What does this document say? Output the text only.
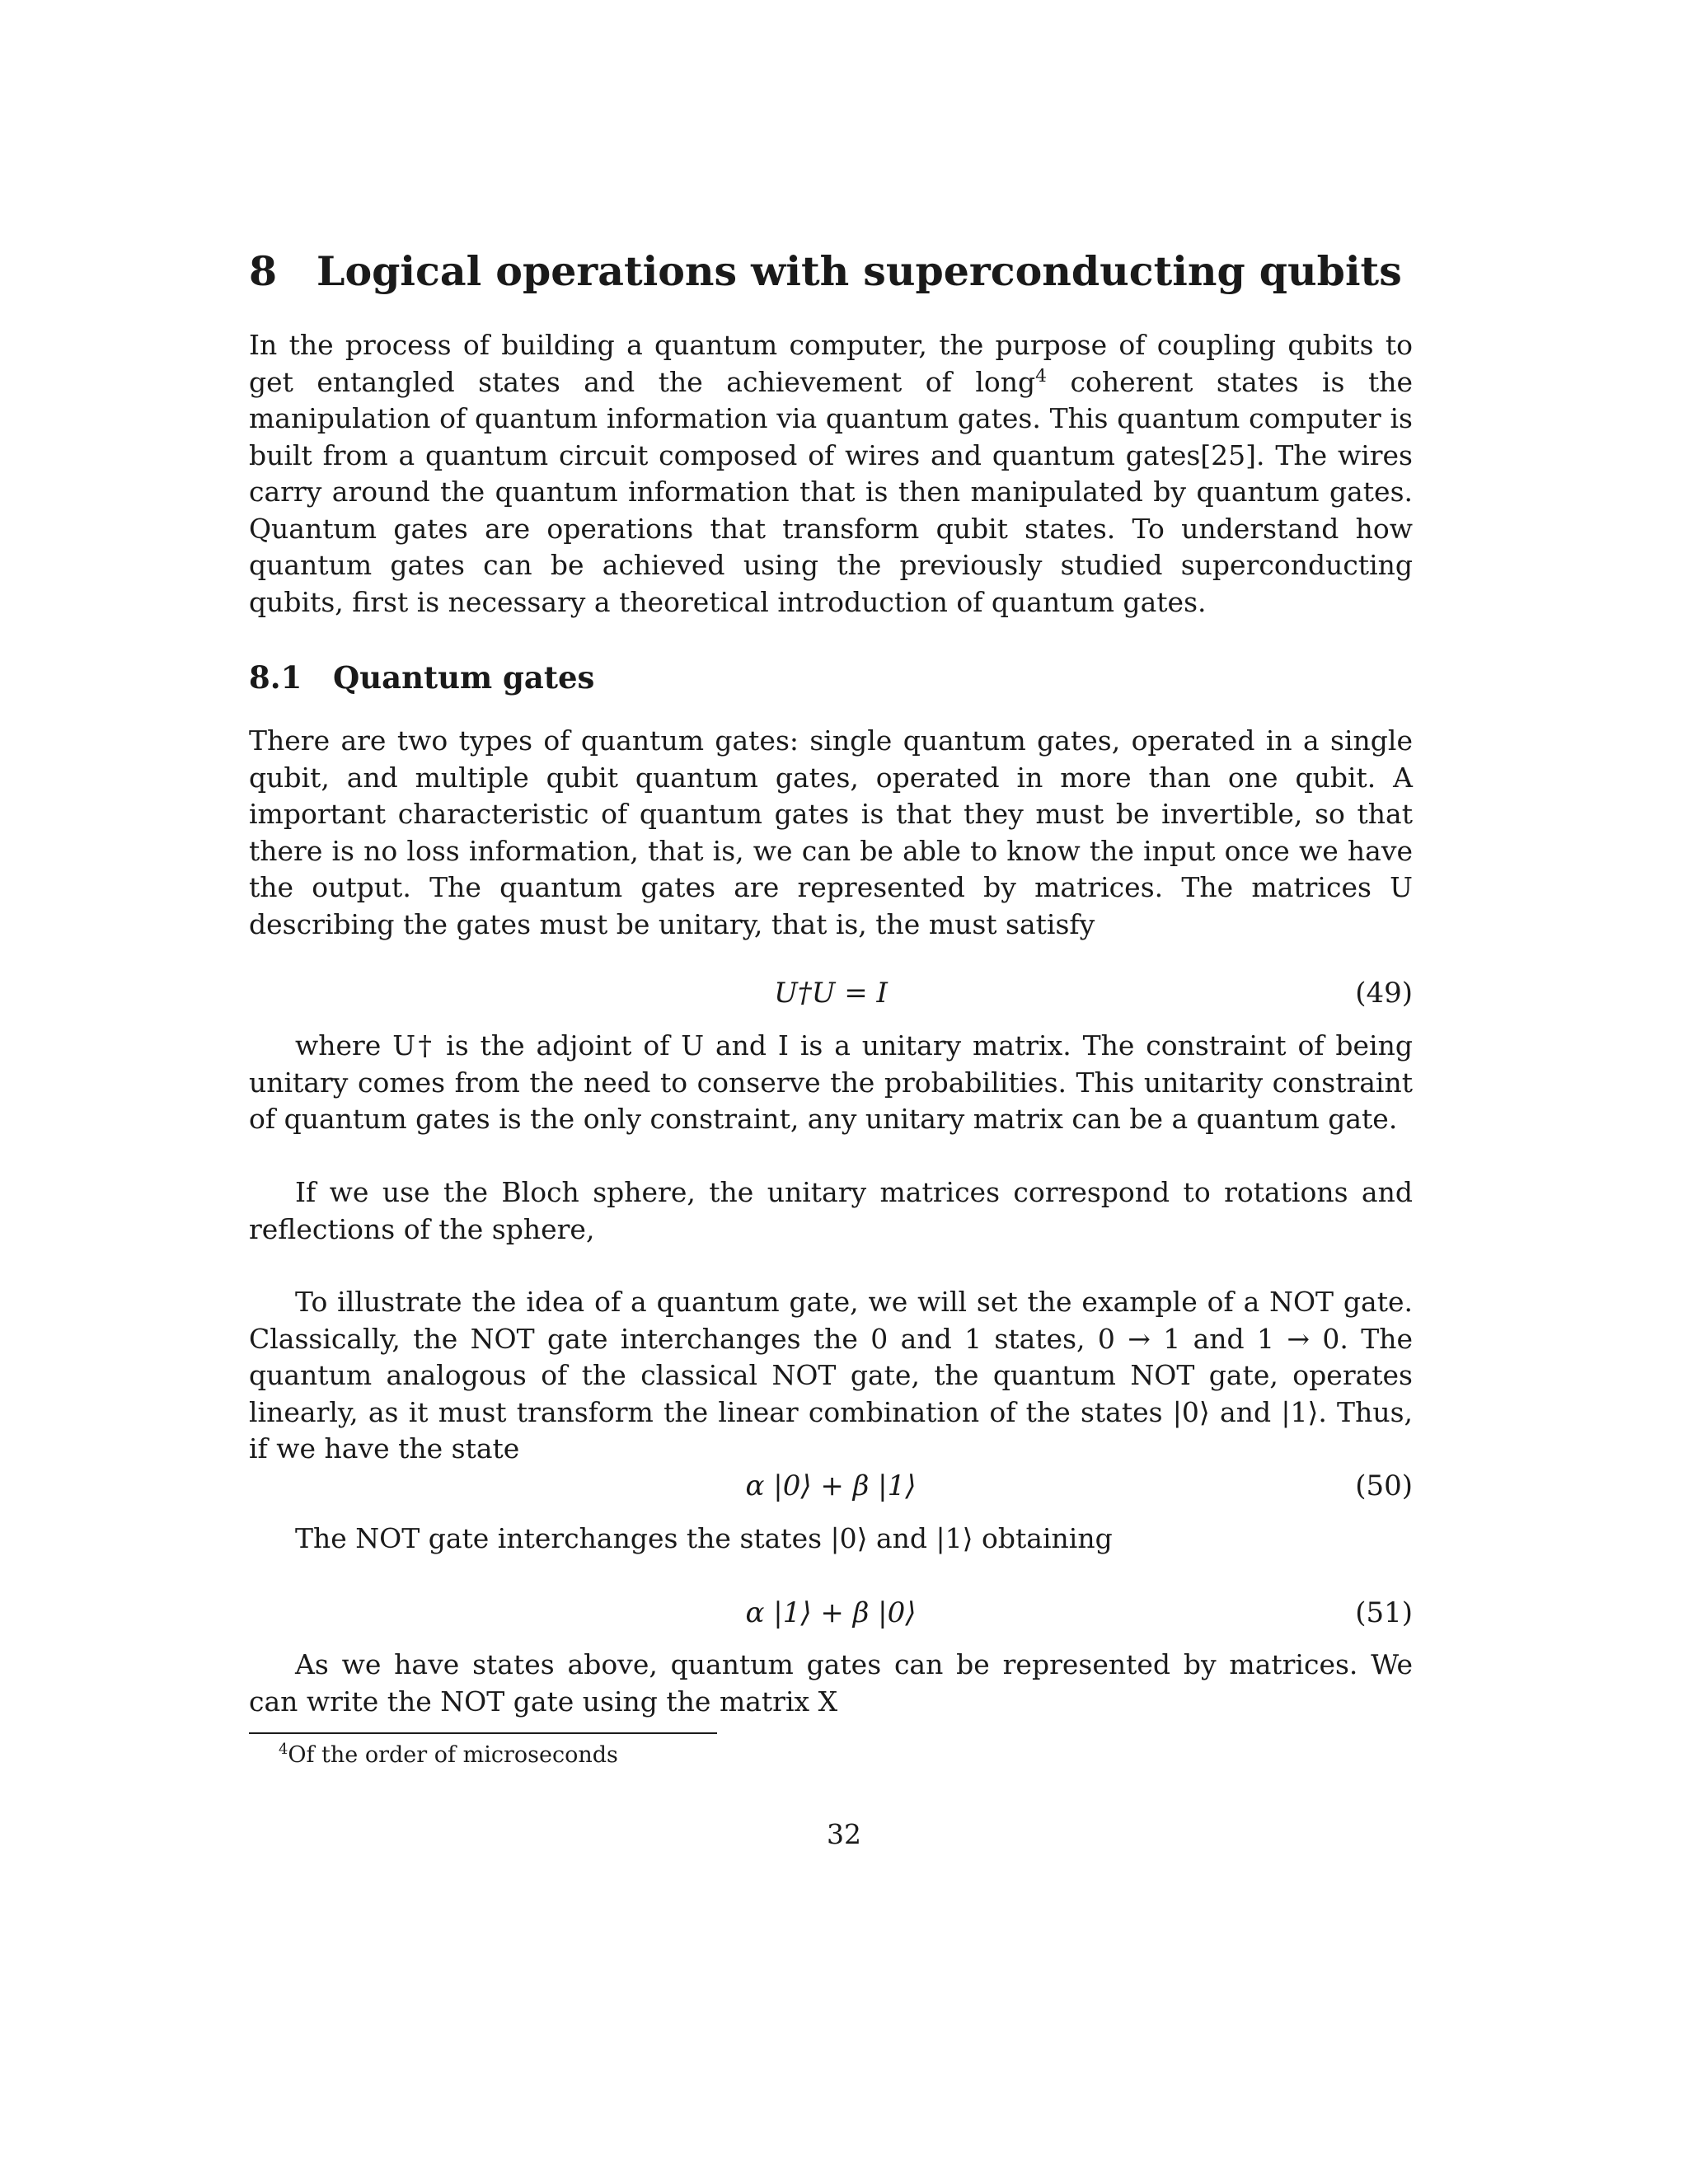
8 Logical operations with superconducting qubits

In the process of building a quantum computer, the purpose of coupling qubits to get entangled states and the achievement of long$^4$ coherent states is the manipulation of quantum information via quantum gates. This quantum computer is built from a quantum circuit composed of wires and quantum gates[25]. The wires carry around the quantum information that is then manipulated by quantum gates. Quantum gates are operations that transform qubit states. To understand how quantum gates can be achieved using the previously studied superconducting qubits, first is necessary a theoretical introduction of quantum gates.

8.1 Quantum gates

There are two types of quantum gates: single quantum gates, operated in a single qubit, and multiple qubit quantum gates, operated in more than one qubit. A important characteristic of quantum gates is that they must be invertible, so that there is no loss information, that is, we can be able to know the input once we have the output. The quantum gates are represented by matrices. The matrices U describing the gates must be unitary, that is, the must satisfy

U†U = I	(49)

where U† is the adjoint of U and I is a unitary matrix. The constraint of being unitary comes from the need to conserve the probabilities. This unitarity constraint of quantum gates is the only constraint, any unitary matrix can be a quantum gate.

If we use the Bloch sphere, the unitary matrices correspond to rotations and reflections of the sphere,

To illustrate the idea of a quantum gate, we will set the example of a NOT gate. Classically, the NOT gate interchanges the 0 and 1 states, 0 → 1 and 1 → 0. The quantum analogous of the classical NOT gate, the quantum NOT gate, operates linearly, as it must transform the linear combination of the states |0⟩ and |1⟩. Thus, if we have the state

α |0⟩ + β |1⟩	(50)

The NOT gate interchanges the states |0⟩ and |1⟩ obtaining

α |1⟩ + β |0⟩	(51)

As we have states above, quantum gates can be represented by matrices. We can write the NOT gate using the matrix X

$^4$Of the order of microseconds
32
